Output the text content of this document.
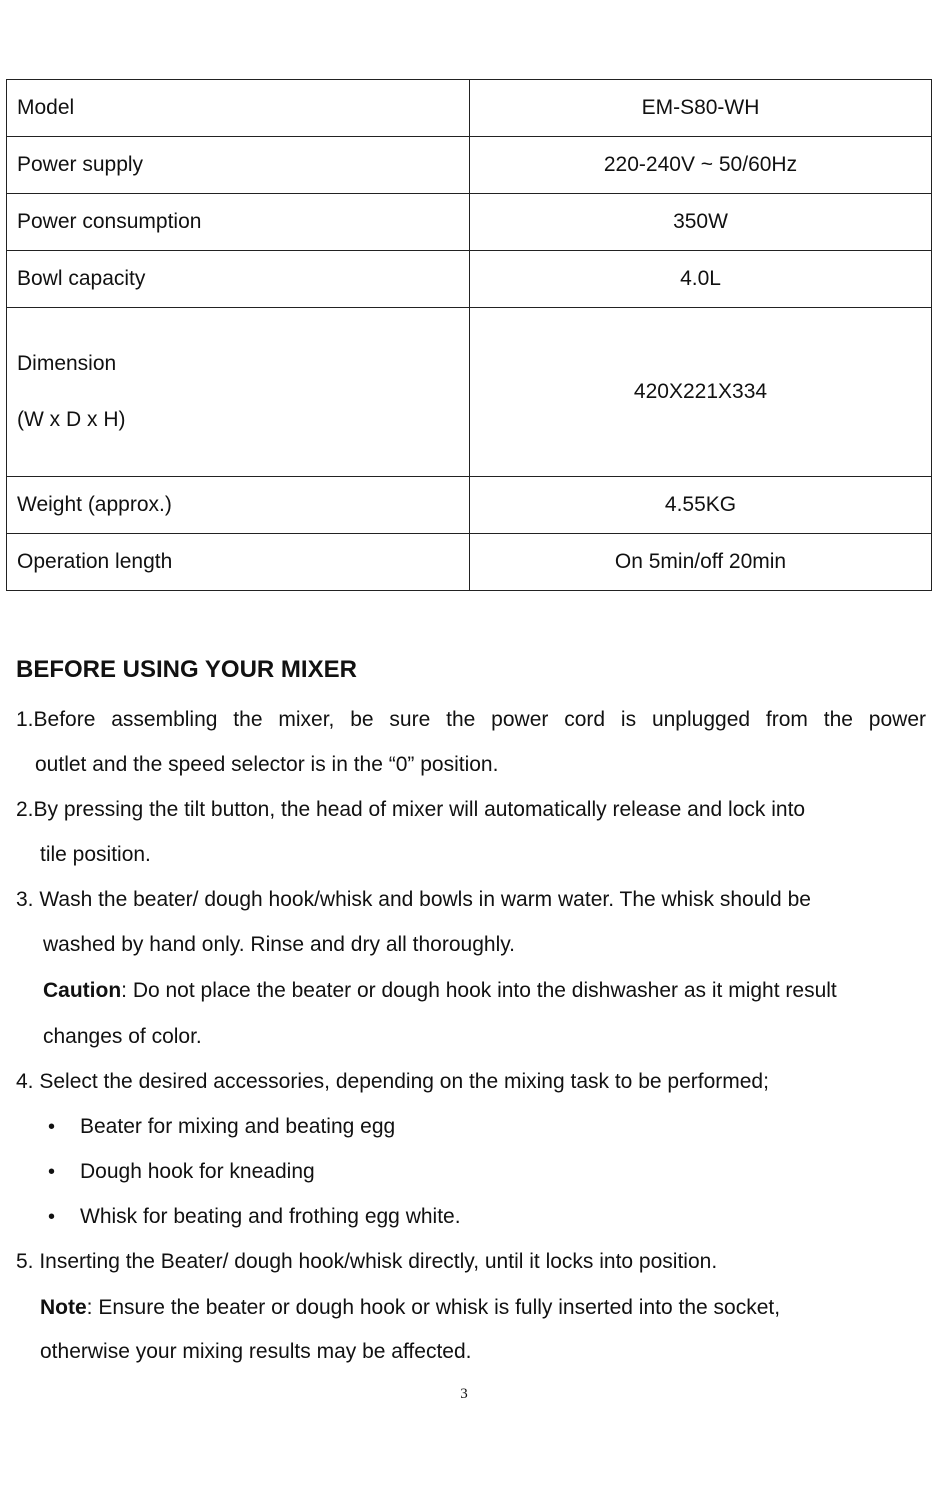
Model	EM-S80-WH
Power supply	220-240V ~ 50/60Hz
Power consumption	350W
Bowl capacity	4.0L

Dimension
(W x D x H)	420X221X334
Weight (approx.)	4.55KG
Operation length	On 5min/off 20min
BEFORE USING YOUR MIXER
1.Before assembling the mixer, be sure the power cord is unplugged from the power
outlet and the speed selector is in the “0” position.
2.By pressing the tilt button, the head of mixer will automatically release and lock into
tile position.
3. Wash the beater/ dough hook/whisk and bowls in warm water. The whisk should be
washed by hand only. Rinse and dry all thoroughly.
Caution: Do not place the beater or dough hook into the dishwasher as it might result
changes of color.
4. Select the desired accessories, depending on the mixing task to be performed;
• Beater for mixing and beating egg
• Dough hook for kneading
• Whisk for beating and frothing egg white.
5. Inserting the Beater/ dough hook/whisk directly, until it locks into position.
Note: Ensure the beater or dough hook or whisk is fully inserted into the socket,
otherwise your mixing results may be affected.
3
